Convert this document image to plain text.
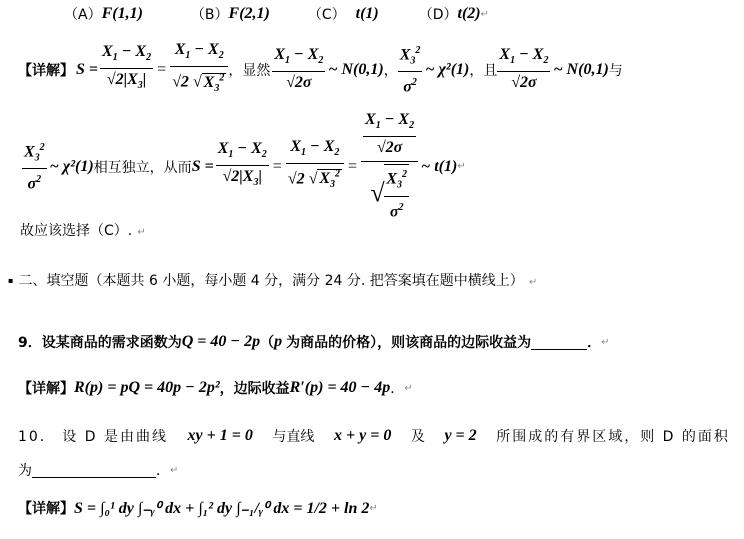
（A） F(1,1)	（B） F(2,1)	（C） t(1)	（D） t(2) ↵
【详解】 $S = \frac{X_1 - X_2}{√2|X_3|} = \frac{X_1 - X_2}{√2 √ X_3^2}$ ，显然 $\frac{X_1 - X_2}{√2\sigma}$ ~ N(0,1) ， $\frac{X_3^2}{\sigma^2}$ ~ χ²(1) ，且 $\frac{X_1 - X_2}{√2\sigma}$ ~ N(0,1) 与
$\frac{X_3^2}{\sigma^2}$ ~ χ²(1) 相互独立，从而 $S = \frac{X_1 - X_2}{√2|X_3|} = \frac{X_1 - X_2}{√2 √ X_3^2} = \frac{\frac{X_1 - X_2}{√2\sigma}}{√ \frac{X_3^2}{\sigma^2}}$ ~ t(1) ↵
故应该选择（C）. ↵
▪ 二、填空题（本题共 6 小题，每小题 4 分，满分 24 分. 把答案填在题中横线上） ↵
9．设某商品的需求函数为 Q = 40 − 2p （ p 为商品的价格），则该商品的边际收益为	． ↵
【详解】 R(p) = pQ = 40p − 2p² ，边际收益 R′(p) = 40 − 4p ． ↵
10． 设 D 是由曲线 xy + 1 = 0 与直线 x + y = 0 及 y = 2 所围成的有界区域，则 D 的面积
为	． ↵
【详解】 S = ∫₀¹ dy ∫₋ᵧ⁰ dx + ∫₁² dy ∫₋₁/ᵧ⁰ dx = 1/2 + ln 2 ↵
